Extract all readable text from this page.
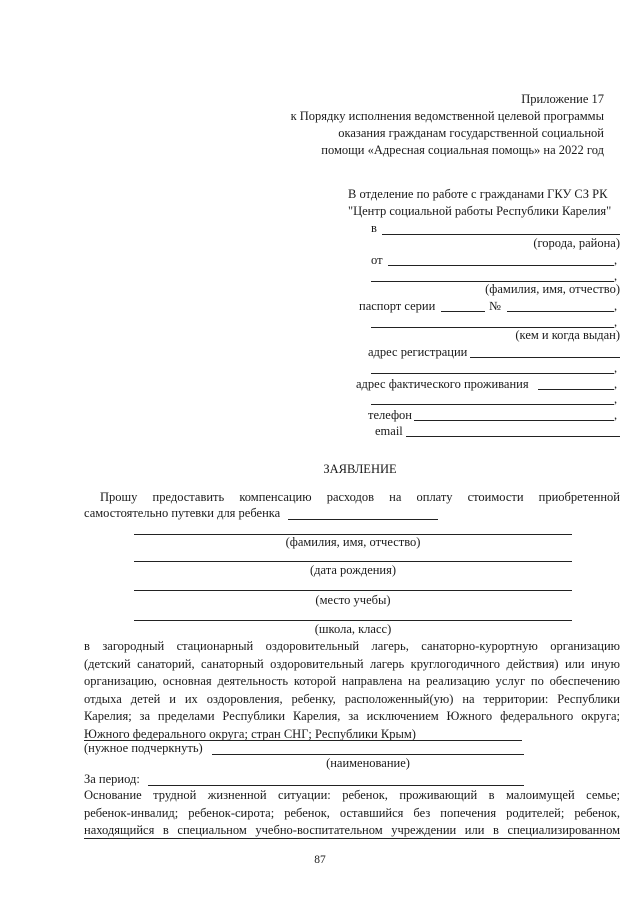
Приложение 17
к Порядку исполнения ведомственной целевой программы
оказания гражданам государственной социальной
помощи «Адресная социальная помощь» на 2022 год
В отделение по работе с гражданами ГКУ СЗ РК
"Центр социальной работы Республики Карелия"
в
(города, района)
от	,
,
(фамилия, имя, отчество)
паспорт серии	№	,
,
(кем и когда выдан)
адрес регистрации
,
адрес фактического проживания	,
,
телефон	,
email
ЗАЯВЛЕНИЕ
Прошу предоставить компенсацию расходов на оплату стоимости приобретенной
самостоятельно путевки для ребенка
(фамилия, имя, отчество)
(дата рождения)
(место учебы)
(школа, класс)
в загородный стационарный оздоровительный лагерь, санаторно-курортную организацию
(детский санаторий, санаторный оздоровительный лагерь круглогодичного действия) или иную
организацию, основная деятельность которой направлена на реализацию услуг по обеспечению
отдыха детей и их оздоровления, ребенку, расположенный(ую) на территории: Республики
Карелия; за пределами Республики Карелия, за исключением Южного федерального округа;
Южного федерального округа; стран СНГ; Республики Крым)
(нужное подчеркнуть)
(наименование)
За период:
Основание трудной жизненной ситуации: ребенок, проживающий в малоимущей семье;
ребенок-инвалид; ребенок-сирота; ребенок, оставшийся без попечения родителей; ребенок,
находящийся в специальном учебно-воспитательном учреждении или в специализированном
87
